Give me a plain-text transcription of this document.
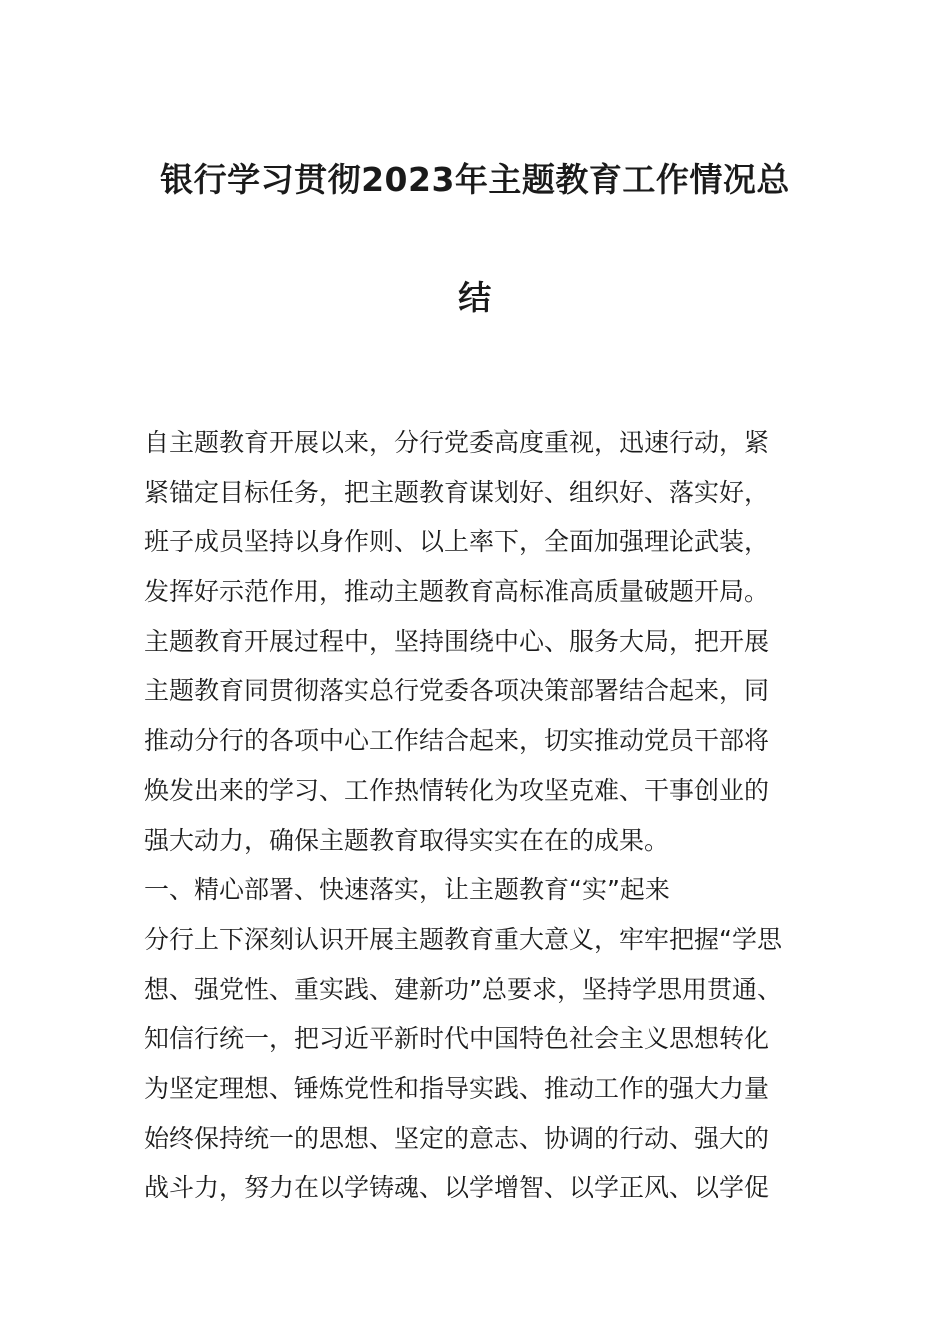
银行学习贯彻2023年主题教育工作情况总
结
自主题教育开展以来，分行党委高度重视，迅速行动，紧
紧锚定目标任务，把主题教育谋划好、组织好、落实好，
班子成员坚持以身作则、以上率下，全面加强理论武装，
发挥好示范作用，推动主题教育高标准高质量破题开局。
主题教育开展过程中，坚持围绕中心、服务大局，把开展
主题教育同贯彻落实总行党委各项决策部署结合起来，同
推动分行的各项中心工作结合起来，切实推动党员干部将
焕发出来的学习、工作热情转化为攻坚克难、干事创业的
强大动力，确保主题教育取得实实在在的成果。
一、精心部署、快速落实，让主题教育“实”起来
分行上下深刻认识开展主题教育重大意义，牢牢把握“学思
想、强党性、重实践、建新功”总要求，坚持学思用贯通、
知信行统一，把习近平新时代中国特色社会主义思想转化
为坚定理想、锤炼党性和指导实践、推动工作的强大力量
始终保持统一的思想、坚定的意志、协调的行动、强大的
战斗力，努力在以学铸魂、以学增智、以学正风、以学促
